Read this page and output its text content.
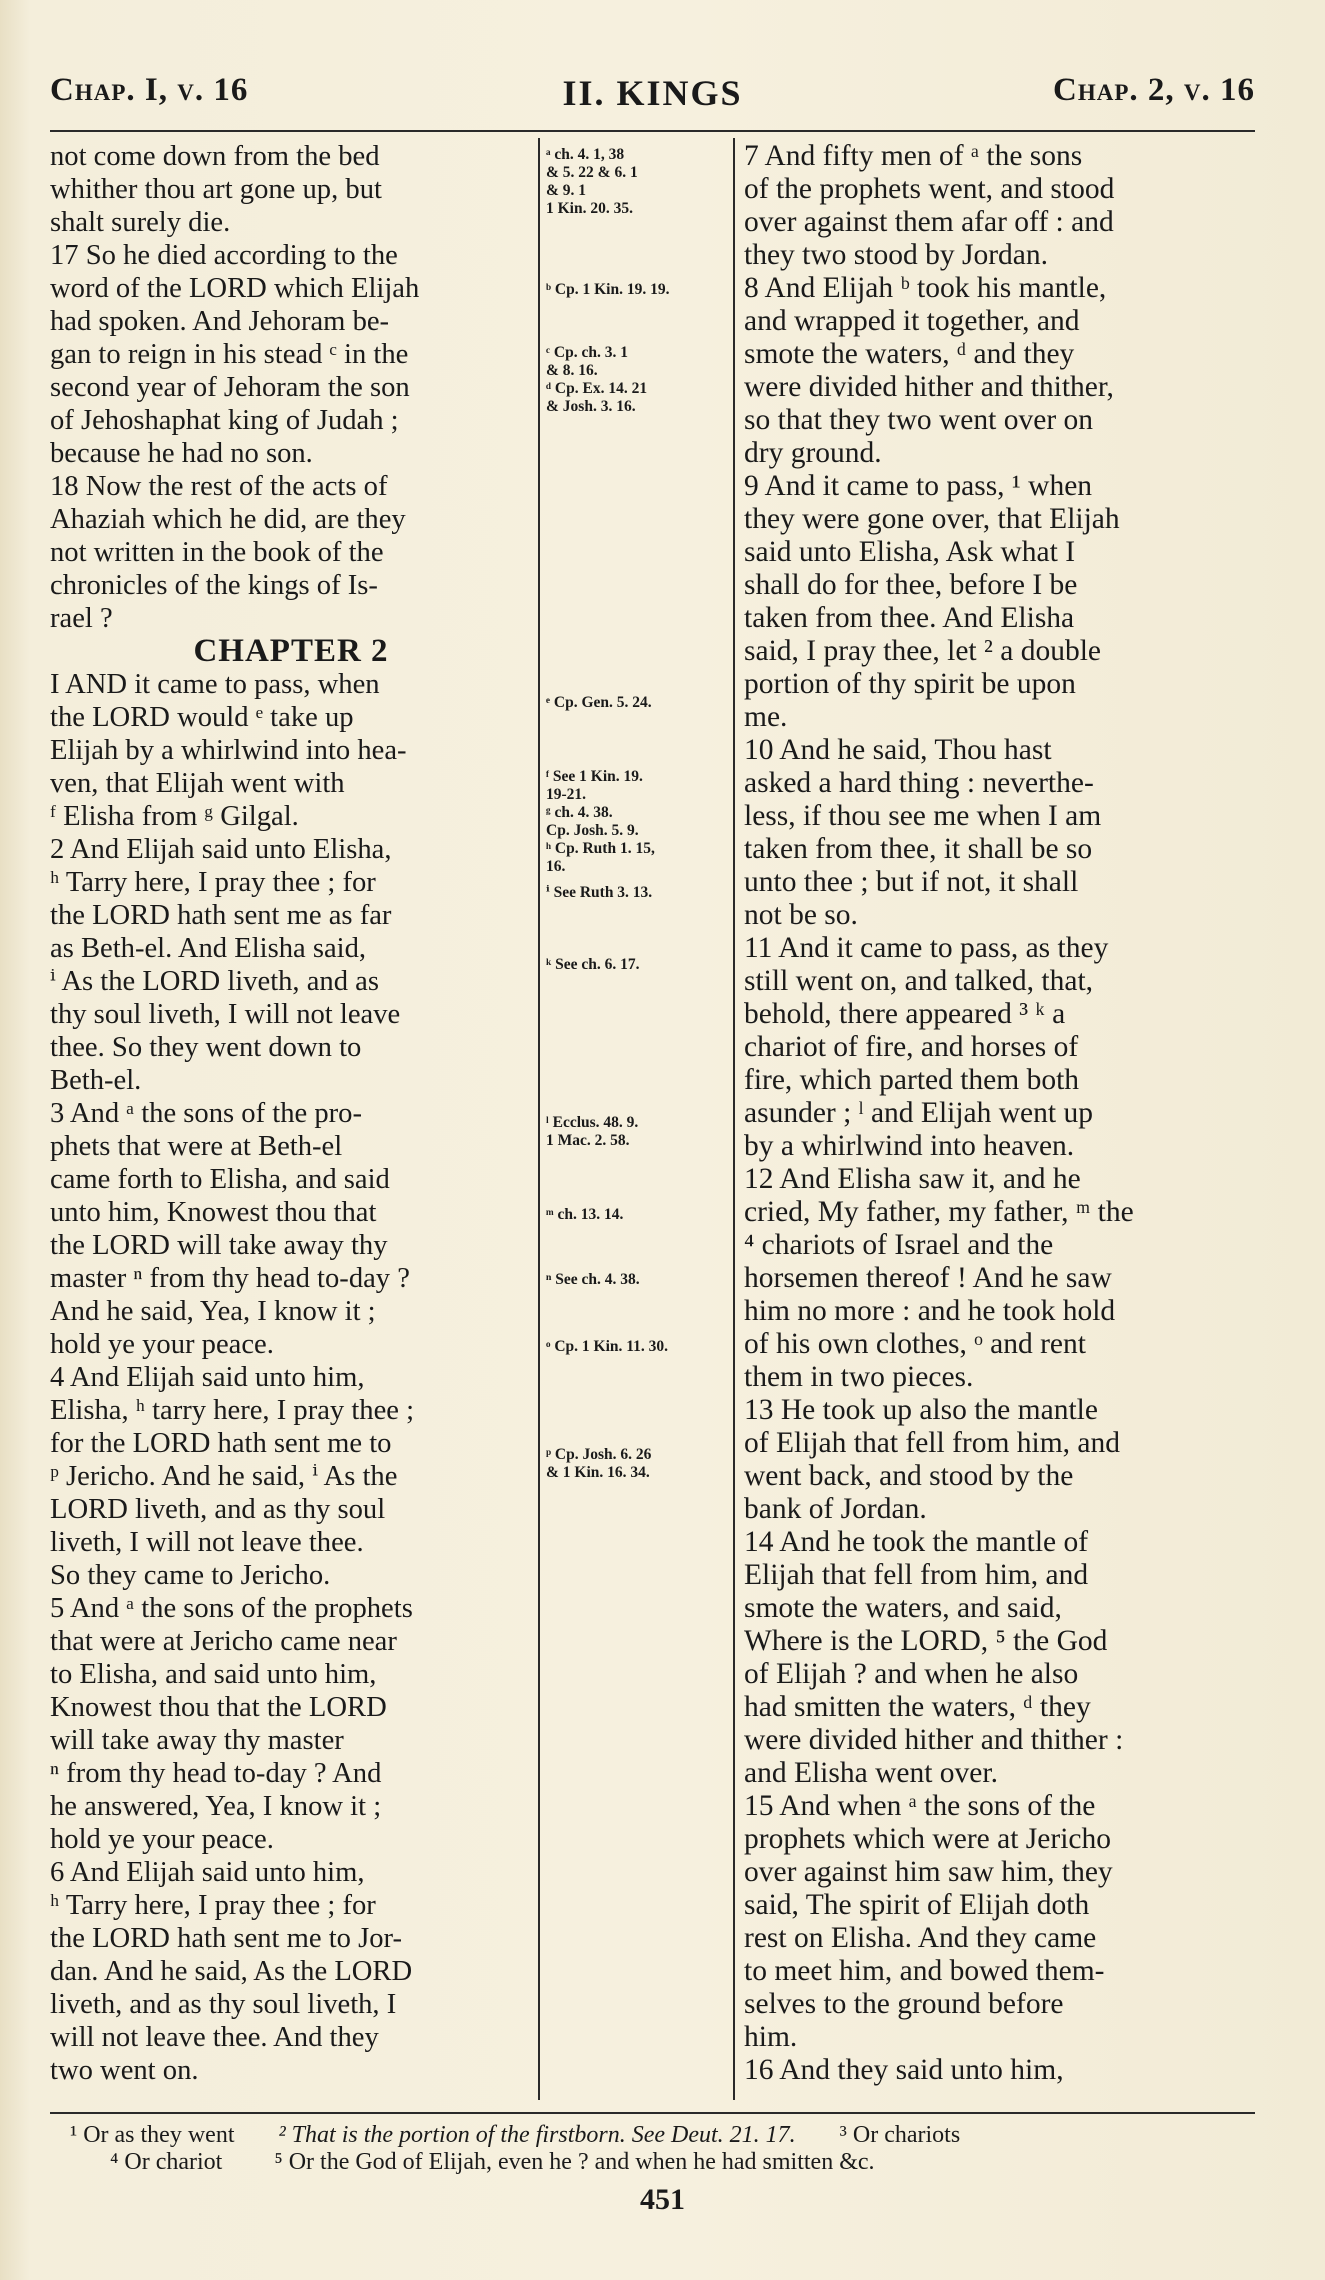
Chap. I, v. 16	II. KINGS	Chap. 2, v. 16
not come down from the bed
whither thou art gone up, but
shalt surely die.
17 So he died according to the
word of the LORD which Elijah
had spoken. And Jehoram be-
gan to reign in his stead ᶜ in the
second year of Jehoram the son
of Jehoshaphat king of Judah ;
because he had no son.
18 Now the rest of the acts of
Ahaziah which he did, are they
not written in the book of the
chronicles of the kings of Is-
rael ?
CHAPTER 2
I AND it came to pass, when
the LORD would ᵉ take up
Elijah by a whirlwind into hea-
ven, that Elijah went with
ᶠ Elisha from ᵍ Gilgal.
2 And Elijah said unto Elisha,
ʰ Tarry here, I pray thee ; for
the LORD hath sent me as far
as Beth-el. And Elisha said,
ⁱ As the LORD liveth, and as
thy soul liveth, I will not leave
thee. So they went down to
Beth-el.
3 And ᵃ the sons of the pro-
phets that were at Beth-el
came forth to Elisha, and said
unto him, Knowest thou that
the LORD will take away thy
master ⁿ from thy head to-day ?
And he said, Yea, I know it ;
hold ye your peace.
4 And Elijah said unto him,
Elisha, ʰ tarry here, I pray thee ;
for the LORD hath sent me to
ᵖ Jericho. And he said, ⁱ As the
LORD liveth, and as thy soul
liveth, I will not leave thee.
So they came to Jericho.
5 And ᵃ the sons of the prophets
that were at Jericho came near
to Elisha, and said unto him,
Knowest thou that the LORD
will take away thy master
ⁿ from thy head to-day ? And
he answered, Yea, I know it ;
hold ye your peace.
6 And Elijah said unto him,
ʰ Tarry here, I pray thee ; for
the LORD hath sent me to Jor-
dan. And he said, As the LORD
liveth, and as thy soul liveth, I
will not leave thee. And they
two went on.
ᵃ ch. 4. 1, 38
& 5. 22 & 6. 1
& 9. 1
1 Kin. 20. 35.
ᵇ Cp. 1 Kin. 19. 19.
ᶜ Cp. ch. 3. 1
& 8. 16.
ᵈ Cp. Ex. 14. 21
& Josh. 3. 16.
ᵉ Cp. Gen. 5. 24.
ᶠ See 1 Kin. 19.
19-21.
ᵍ ch. 4. 38.
Cp. Josh. 5. 9.
ʰ Cp. Ruth 1. 15,
16.
ⁱ See Ruth 3. 13.
ᵏ See ch. 6. 17.
ˡ Ecclus. 48. 9.
1 Mac. 2. 58.
ᵐ ch. 13. 14.
ⁿ See ch. 4. 38.
ᵒ Cp. 1 Kin. 11. 30.
ᵖ Cp. Josh. 6. 26
& 1 Kin. 16. 34.
7 And fifty men of ᵃ the sons
of the prophets went, and stood
over against them afar off : and
they two stood by Jordan.
8 And Elijah ᵇ took his mantle,
and wrapped it together, and
smote the waters, ᵈ and they
were divided hither and thither,
so that they two went over on
dry ground.
9 And it came to pass, ¹ when
they were gone over, that Elijah
said unto Elisha, Ask what I
shall do for thee, before I be
taken from thee. And Elisha
said, I pray thee, let ² a double
portion of thy spirit be upon
me.
10 And he said, Thou hast
asked a hard thing : neverthe-
less, if thou see me when I am
taken from thee, it shall be so
unto thee ; but if not, it shall
not be so.
11 And it came to pass, as they
still went on, and talked, that,
behold, there appeared ³ ᵏ a
chariot of fire, and horses of
fire, which parted them both
asunder ; ˡ and Elijah went up
by a whirlwind into heaven.
12 And Elisha saw it, and he
cried, My father, my father, ᵐ the
⁴ chariots of Israel and the
horsemen thereof ! And he saw
him no more : and he took hold
of his own clothes, ᵒ and rent
them in two pieces.
13 He took up also the mantle
of Elijah that fell from him, and
went back, and stood by the
bank of Jordan.
14 And he took the mantle of
Elijah that fell from him, and
smote the waters, and said,
Where is the LORD, ⁵ the God
of Elijah ? and when he also
had smitten the waters, ᵈ they
were divided hither and thither :
and Elisha went over.
15 And when ᵃ the sons of the
prophets which were at Jericho
over against him saw him, they
said, The spirit of Elijah doth
rest on Elisha. And they came
to meet him, and bowed them-
selves to the ground before
him.
16 And they said unto him,
¹ Or as they went ² That is the portion of the firstborn. See Deut. 21. 17. ³ Or chariots
⁴ Or chariot ⁵ Or the God of Elijah, even he ? and when he had smitten &c.
451
